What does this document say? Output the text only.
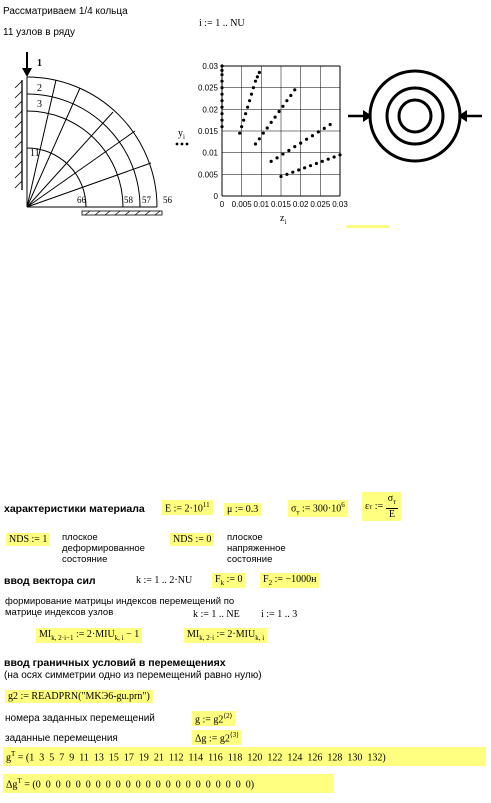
Рассматриваем 1/4 кольца
11 узлов в ряду
i := 1 .. NU
1
2
3
11
66	58 57 56	0
0
0.005
0.005
0.01
0.01
0.015
0.015
0.02
0.02
0.025
0.025
0.03
0.03
$y_i$
$z_i$
характеристики материала	E := $2\cdot 10^{11}$	μ := 0.3	$\sigma_т$ := $300\cdot 10^6$	ε т :=
$\sigma_т$
E
NDS := 1	плоское деформированное состояние
NDS := 0	плоское напряженное состояние
ввод вектора сил	k := 1 .. 2·NU	$F_k$ := 0	$F_2$ := −1000н
формирование матрицы индексов перемещений по матрице индексов узлов	k := 1 .. NE i := 1 .. 3
$MI_{k, 2\cdot i-1}$ := $2\cdot MIU_{k, i} - 1$	$MI_{k, 2\cdot i}$ := $2\cdot MIU_{k, i}$
ввод граничных условий в перемещениях
(на осях симметрии одно из перемещений равно нулю)
g2 := READPRN("MKЭ6-gu.prn")
номера заданных перемещений	g := $g2^{⟨2⟩}$
заданные перемещения	Δg := $g2^{⟨3⟩}$
$g^T = (1$  3  5  7  9  11  13  15  17  19  21  112  114  116  118  120  122  124  126  128  130  132)
$\Delta g^T = (0$  0  0  0  0  0  0  0  0  0  0  0  0  0  0  0  0  0  0  0  0  0)
